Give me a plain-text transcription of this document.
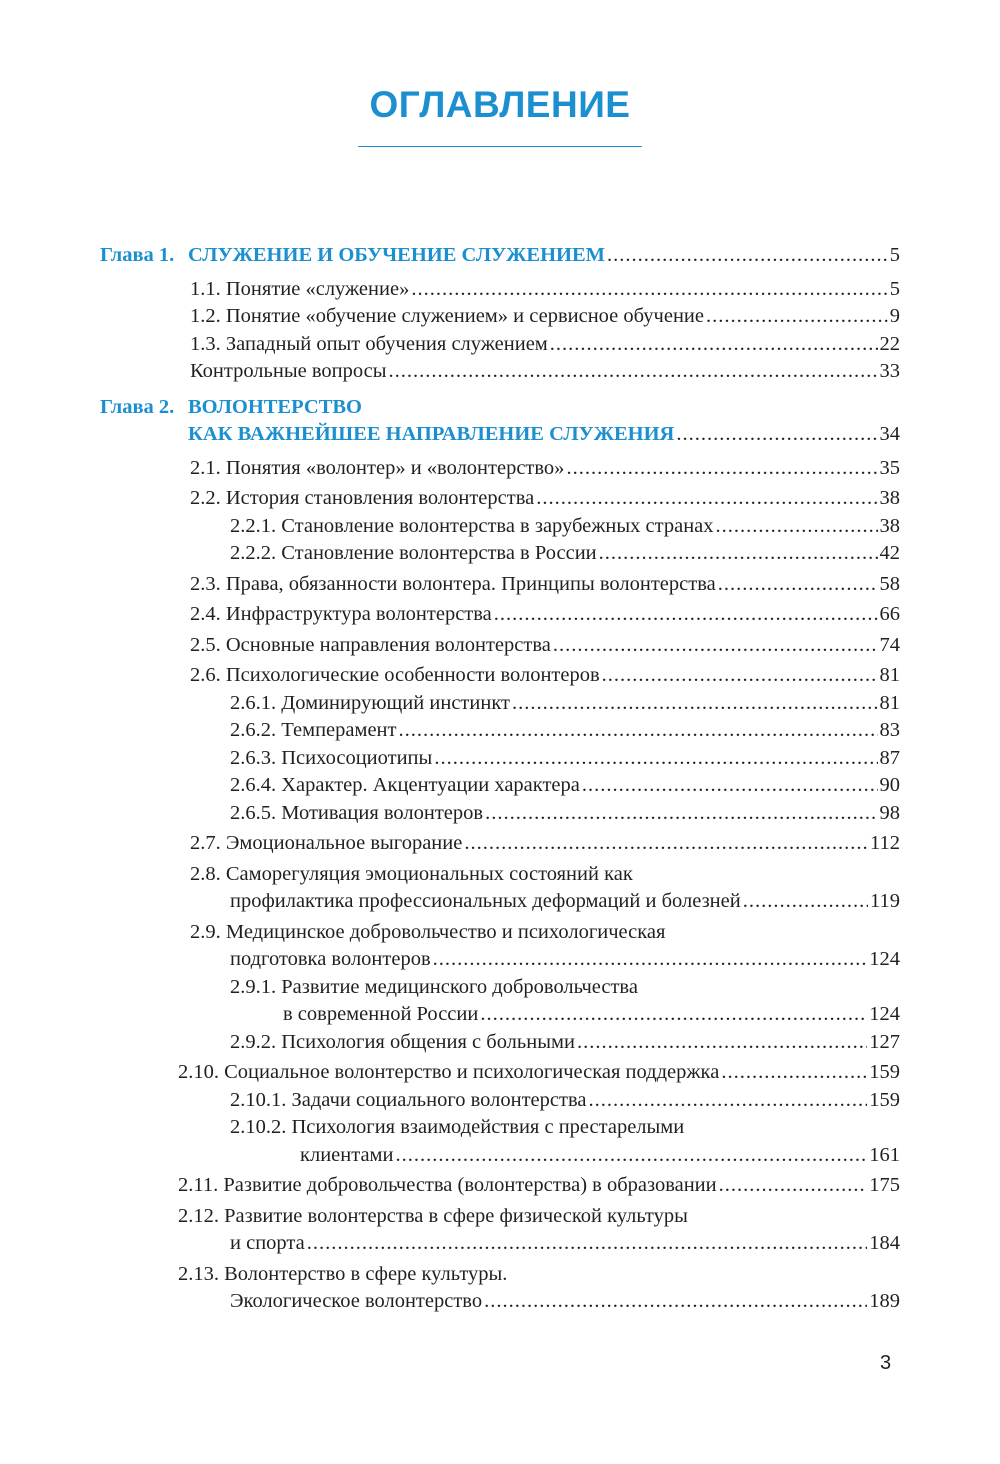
ОГЛАВЛЕНИЕ
Глава 1. СЛУЖЕНИЕ И ОБУЧЕНИЕ СЛУЖЕНИЕМ .....	5
1.1. Понятие «служение» .....	5
1.2. Понятие «обучение служением» и сервисное обучение .....	9
1.3. Западный опыт обучения служением .....	22
Контрольные вопросы .....	33
Глава 2. ВОЛОНТЕРСТВО
КАК ВАЖНЕЙШЕЕ НАПРАВЛЕНИЕ СЛУЖЕНИЯ .....	34
2.1. Понятия «волонтер» и «волонтерство» .....	35
2.2. История становления волонтерства .....	38
2.2.1. Становление волонтерства в зарубежных странах .....	38
2.2.2. Становление волонтерства в России .....	42
2.3. Права, обязанности волонтера. Принципы волонтерства .....	58
2.4. Инфраструктура волонтерства .....	66
2.5. Основные направления волонтерства .....	74
2.6. Психологические особенности волонтеров .....	81
2.6.1. Доминирующий инстинкт .....	81
2.6.2. Темперамент .....	83
2.6.3. Психосоциотипы .....	87
2.6.4. Характер. Акцентуации характера .....	90
2.6.5. Мотивация волонтеров .....	98
2.7. Эмоциональное выгорание .....	112
2.8. Саморегуляция эмоциональных состояний как
профилактика профессиональных деформаций и болезней .....	119
2.9. Медицинское добровольчество и психологическая
подготовка волонтеров .....	124
2.9.1. Развитие медицинского добровольчества
в современной России .....	124
2.9.2. Психология общения с больными .....	127
2.10. Социальное волонтерство и психологическая поддержка .....	159
2.10.1. Задачи социального волонтерства .....	159
2.10.2. Психология взаимодействия с престарелыми
клиентами .....	161
2.11. Развитие добровольчества (волонтерства) в образовании .....	175
2.12. Развитие волонтерства в сфере физической культуры
и спорта .....	184
2.13. Волонтерство в сфере культуры.
Экологическое волонтерство .....	189
3
